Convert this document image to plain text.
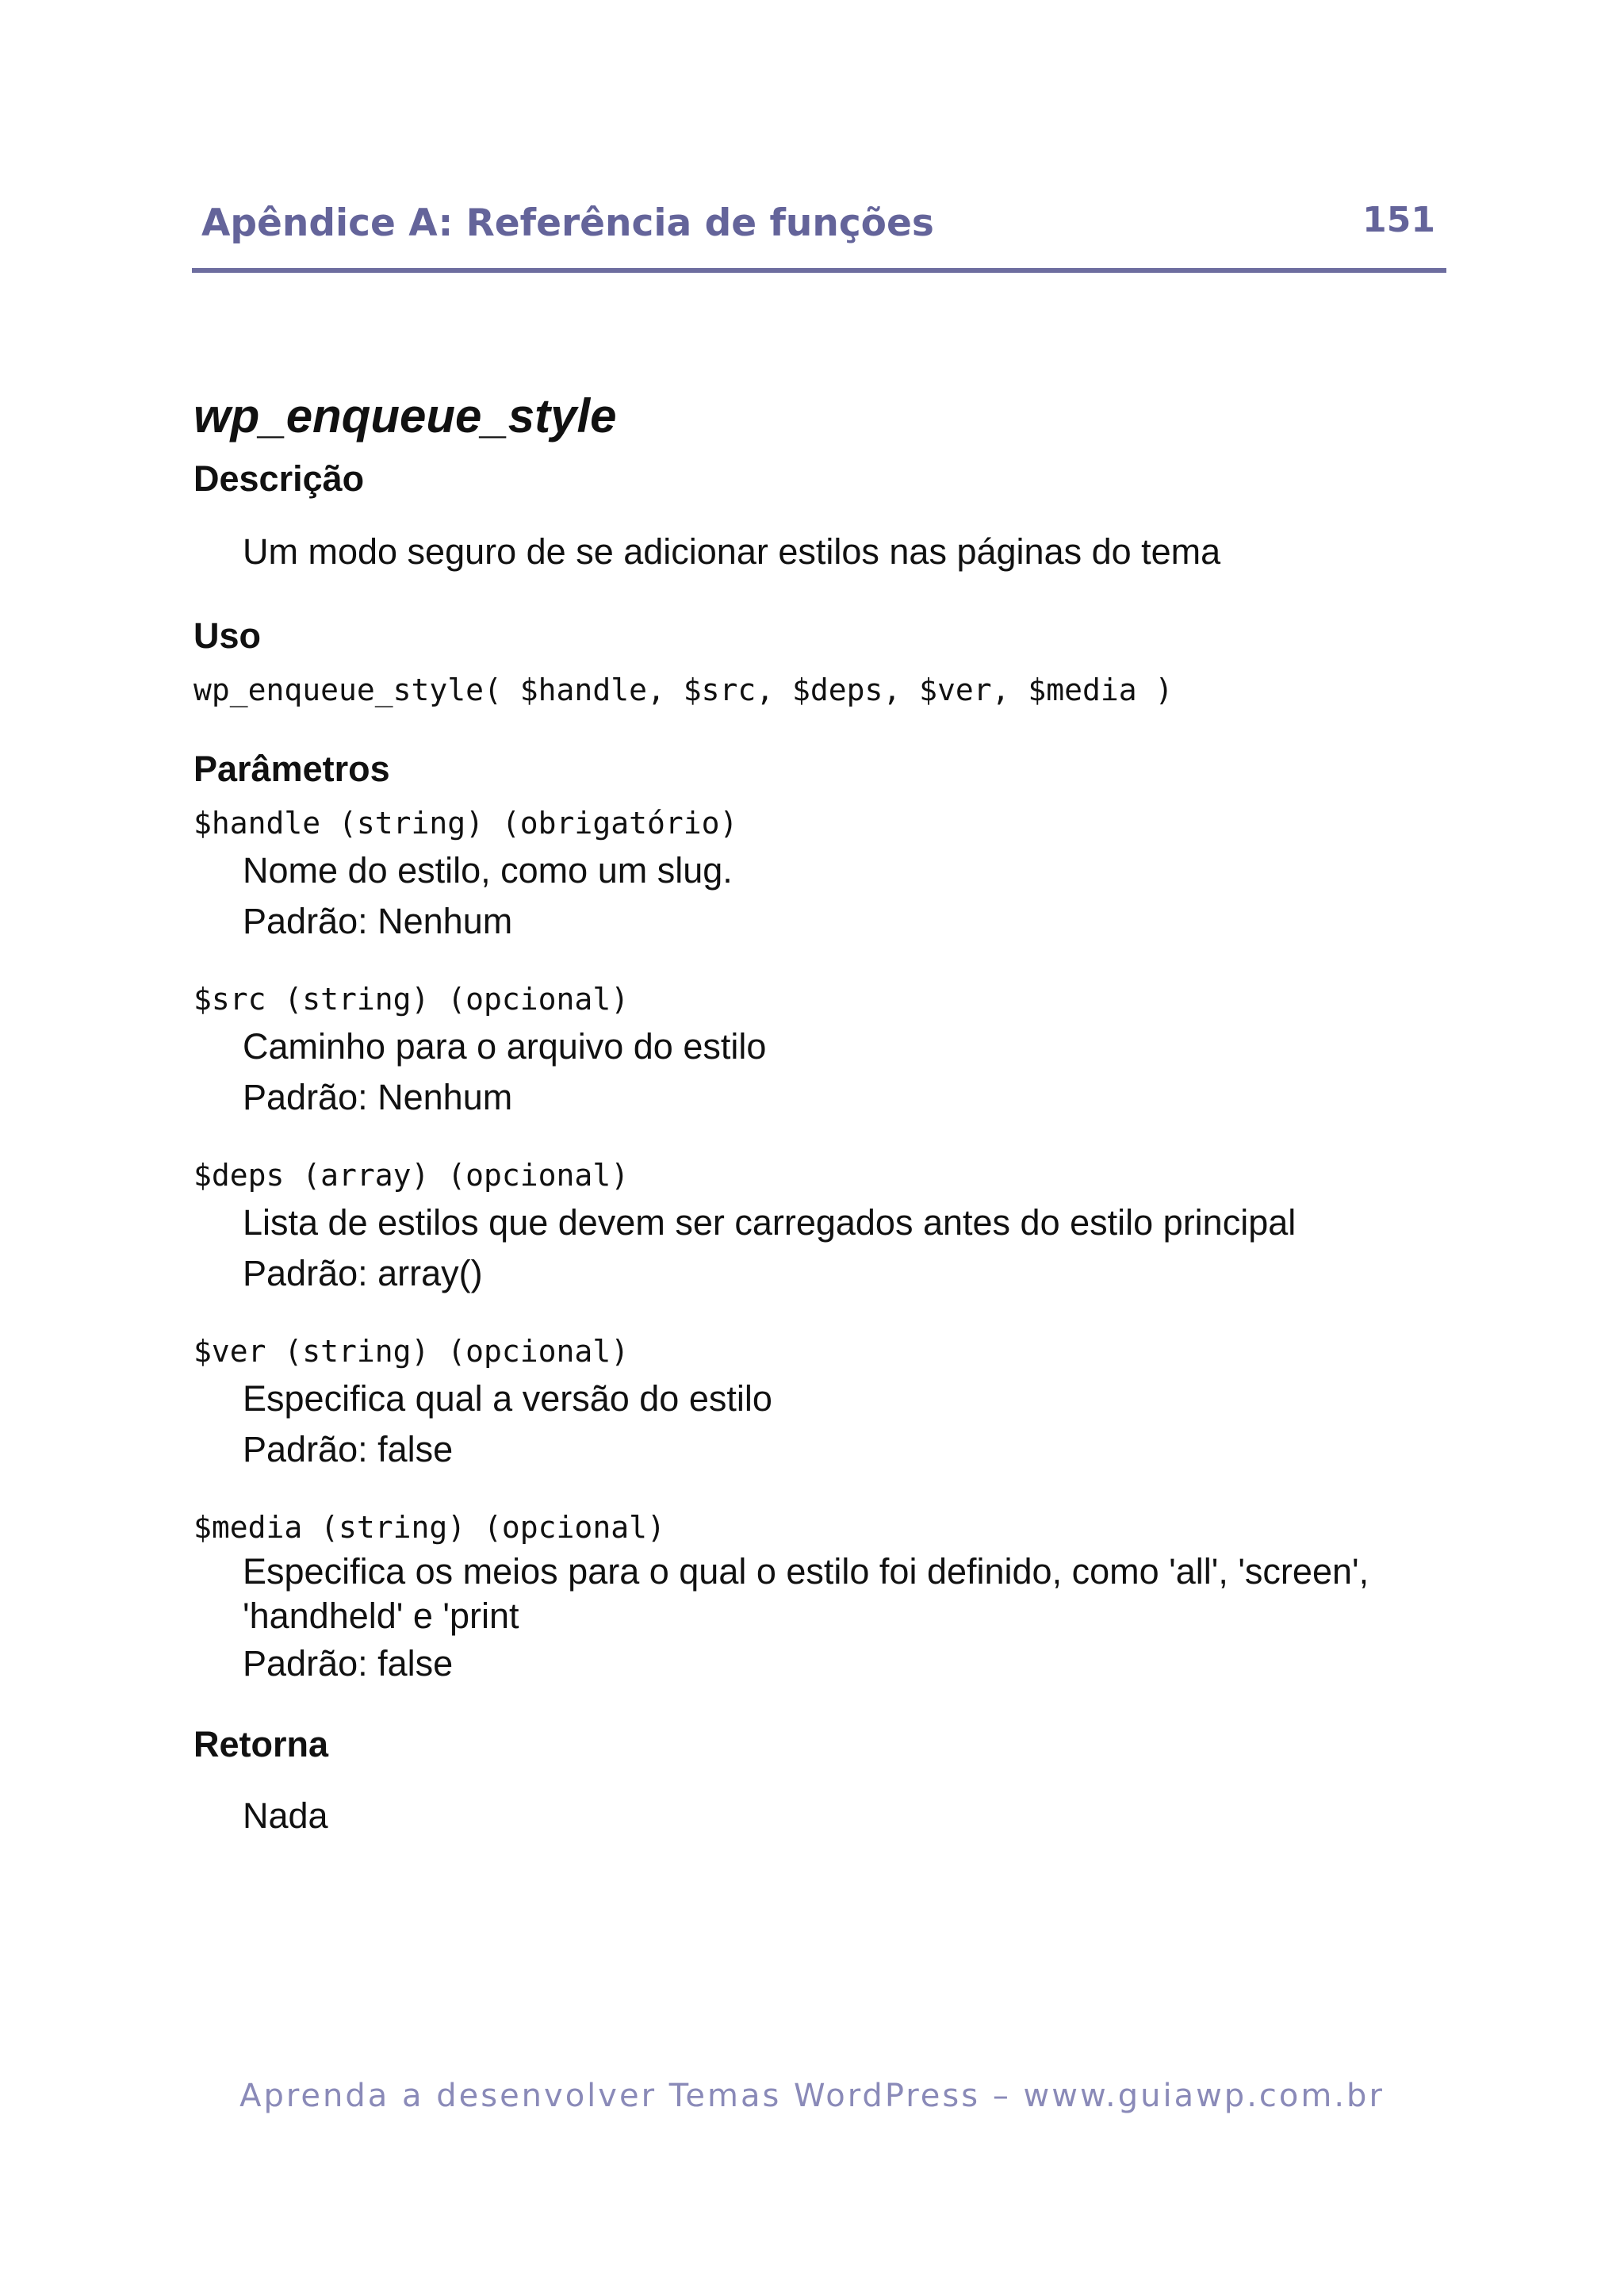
Apêndice A: Referência de funções	151
wp_enqueue_style
Descrição

Um modo seguro de se adicionar estilos nas páginas do tema

Uso

wp_enqueue_style( $handle, $src, $deps, $ver, $media )

Parâmetros
$handle (string) (obrigatório)
Nome do estilo, como um slug.
Padrão: Nenhum
$src (string) (opcional)
Caminho para o arquivo do estilo
Padrão: Nenhum
$deps (array) (opcional)
Lista de estilos que devem ser carregados antes do estilo principal
Padrão: array()
$ver (string) (opcional)
Especifica qual a versão do estilo
Padrão: false
$media (string) (opcional)
Especifica os meios para o qual o estilo foi definido, como 'all', 'screen', 'handheld' e 'print
Padrão: false
Retorna

Nada

Aprenda a desenvolver Temas WordPress – www.guiawp.com.br
